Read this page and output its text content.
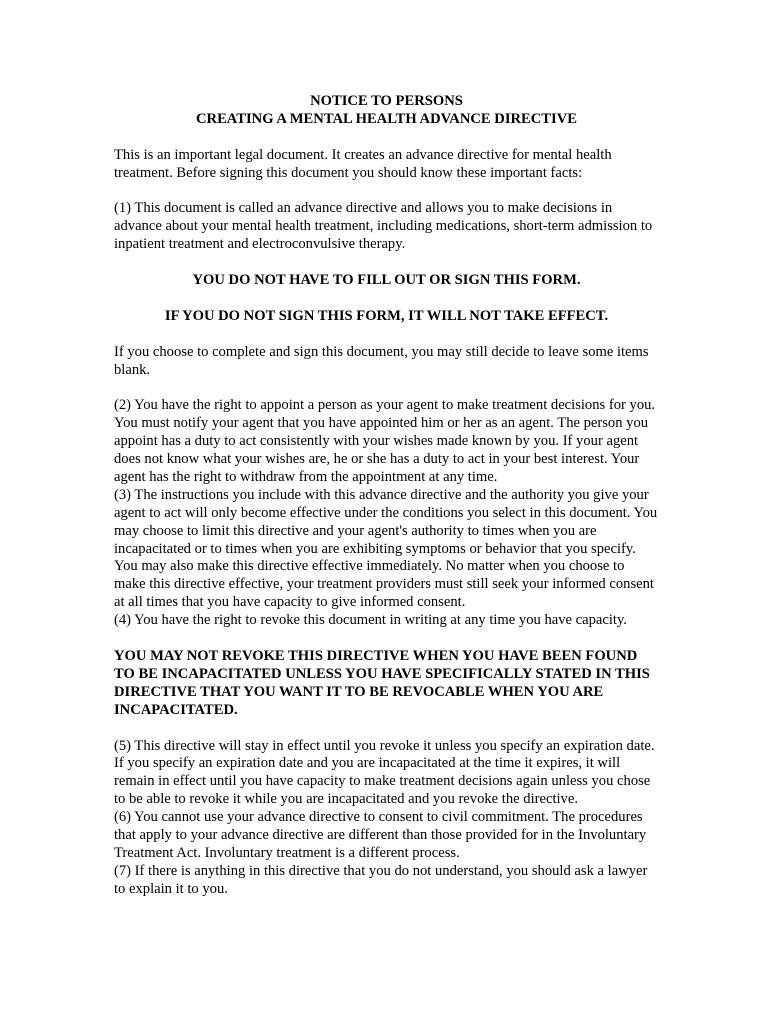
NOTICE TO PERSONS

CREATING A MENTAL HEALTH ADVANCE DIRECTIVE

This is an important legal document. It creates an advance directive for mental health treatment. Before signing this document you should know these important facts:

(1) This document is called an advance directive and allows you to make decisions in advance about your mental health treatment, including medications, short-term admission to inpatient treatment and electroconvulsive therapy.

YOU DO NOT HAVE TO FILL OUT OR SIGN THIS FORM.

IF YOU DO NOT SIGN THIS FORM, IT WILL NOT TAKE EFFECT.

If you choose to complete and sign this document, you may still decide to leave some items blank.

(2) You have the right to appoint a person as your agent to make treatment decisions for you. You must notify your agent that you have appointed him or her as an agent. The person you appoint has a duty to act consistently with your wishes made known by you. If your agent does not know what your wishes are, he or she has a duty to act in your best interest. Your agent has the right to withdraw from the appointment at any time.

(3) The instructions you include with this advance directive and the authority you give your agent to act will only become effective under the conditions you select in this document. You may choose to limit this directive and your agent's authority to times when you are incapacitated or to times when you are exhibiting symptoms or behavior that you specify. You may also make this directive effective immediately. No matter when you choose to make this directive effective, your treatment providers must still seek your informed consent at all times that you have capacity to give informed consent.

(4) You have the right to revoke this document in writing at any time you have capacity.

YOU MAY NOT REVOKE THIS DIRECTIVE WHEN YOU HAVE BEEN FOUND TO BE INCAPACITATED UNLESS YOU HAVE SPECIFICALLY STATED IN THIS DIRECTIVE THAT YOU WANT IT TO BE REVOCABLE WHEN YOU ARE INCAPACITATED.

(5) This directive will stay in effect until you revoke it unless you specify an expiration date. If you specify an expiration date and you are incapacitated at the time it expires, it will remain in effect until you have capacity to make treatment decisions again unless you chose to be able to revoke it while you are incapacitated and you revoke the directive.

(6) You cannot use your advance directive to consent to civil commitment. The procedures that apply to your advance directive are different than those provided for in the Involuntary Treatment Act. Involuntary treatment is a different process.

(7) If there is anything in this directive that you do not understand, you should ask a lawyer to explain it to you.
